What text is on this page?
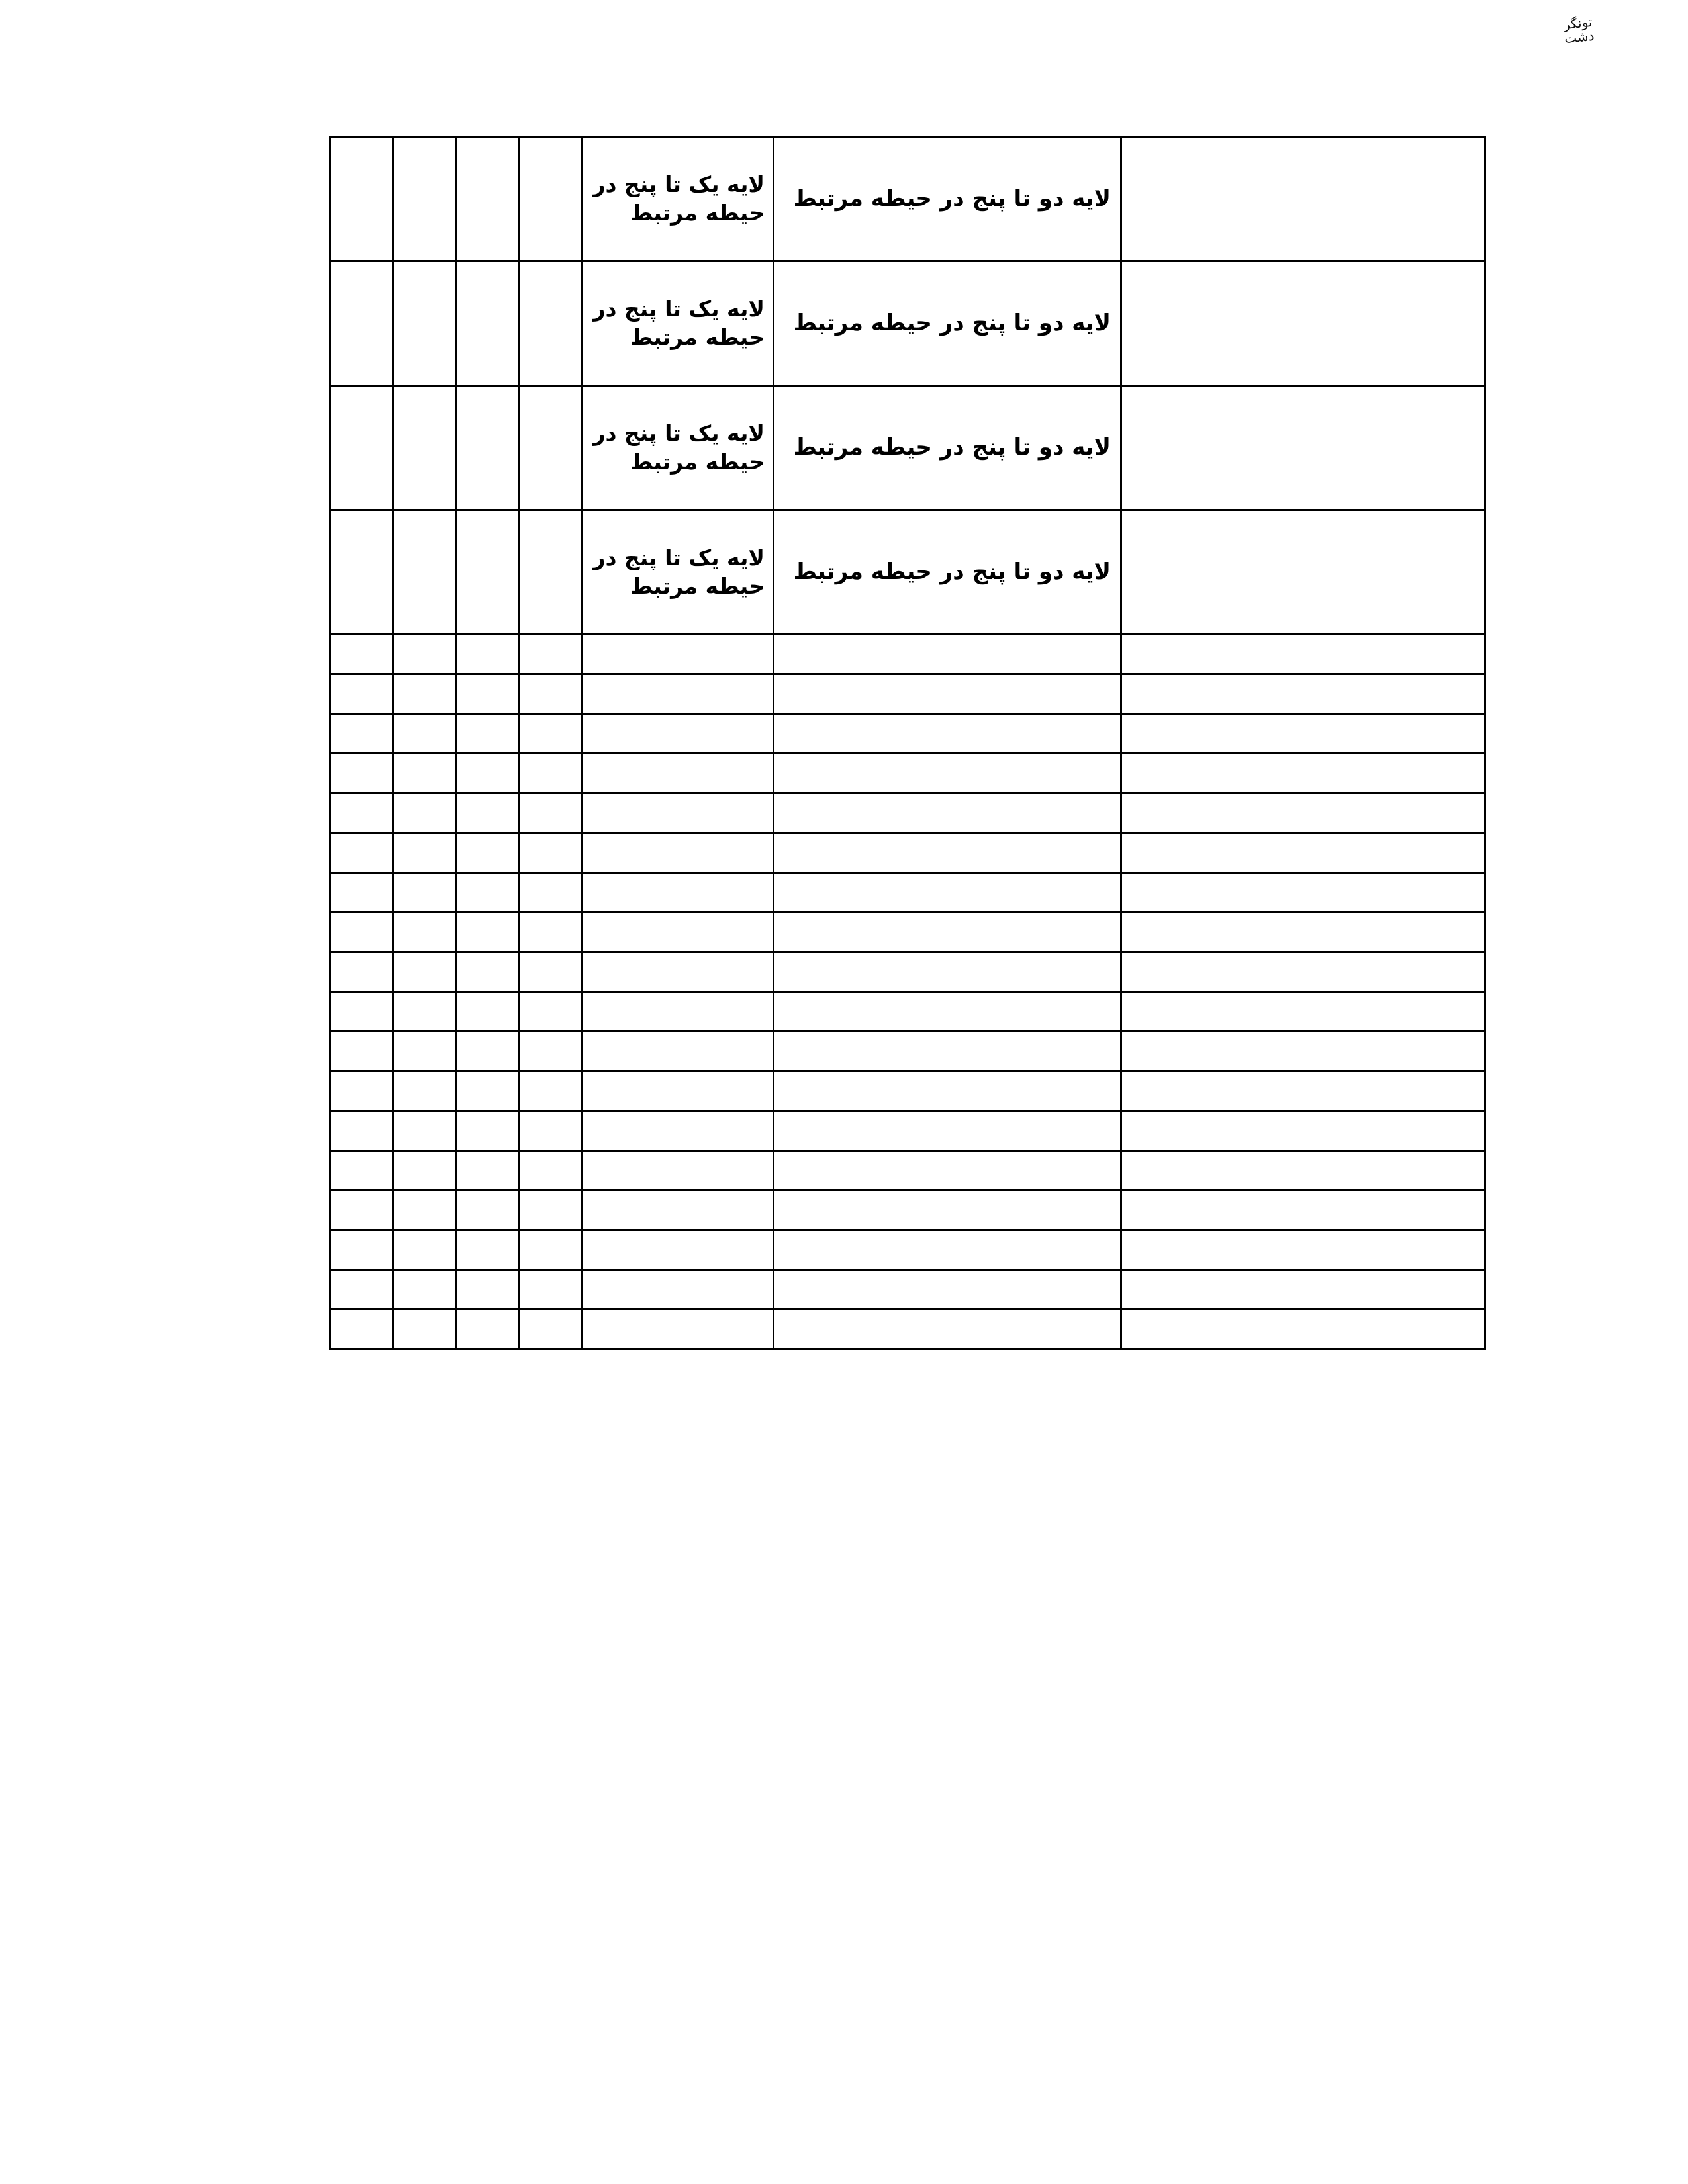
تونگر
دشت

	لایه دو تا پنج در حیطه مرتبط	لایه یک تا پنج در حیطه مرتبط				

	لایه دو تا پنج در حیطه مرتبط	لایه یک تا پنج در حیطه مرتبط				

	لایه دو تا پنج در حیطه مرتبط	لایه یک تا پنج در حیطه مرتبط				

	لایه دو تا پنج در حیطه مرتبط	لایه یک تا پنج در حیطه مرتبط				
